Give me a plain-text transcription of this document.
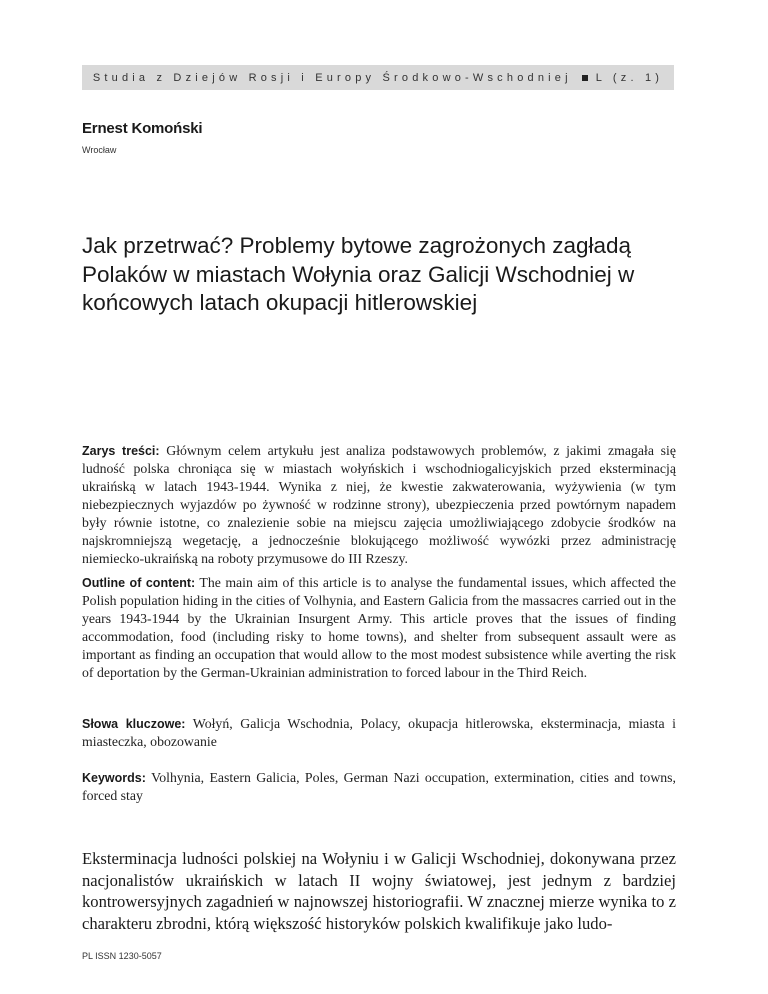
Studia z Dziejów Rosji i Europy Środkowo-Wschodniej L (z. 1)
Ernest Komoński
Wrocław
Jak przetrwać? Problemy bytowe zagrożonych zagładą Polaków w miastach Wołynia oraz Galicji Wschodniej w końcowych latach okupacji hitlerowskiej

Zarys treści: Głównym celem artykułu jest analiza podstawowych problemów, z jakimi zmagała się ludność polska chroniąca się w miastach wołyńskich i wschodniogalicyjskich przed eksterminacją ukraińską w latach 1943-1944. Wynika z niej, że kwestie zakwaterowania, wyżywienia (w tym niebezpiecznych wyjazdów po żywność w rodzinne strony), ubezpieczenia przed powtórnym napadem były równie istotne, co znalezienie sobie na miejscu zajęcia umożliwiającego zdobycie środków na najskromniejszą wegetację, a jednocześnie blokującego możliwość wywózki przez administrację niemiecko-ukraińską na roboty przymusowe do III Rzeszy.

Outline of content: The main aim of this article is to analyse the fundamental issues, which affected the Polish population hiding in the cities of Volhynia, and Eastern Galicia from the massacres carried out in the years 1943-1944 by the Ukrainian Insurgent Army. This article proves that the issues of finding accommodation, food (including risky to home towns), and shelter from subsequent assault were as important as finding an occupation that would allow to the most modest subsistence while averting the risk of deportation by the German-Ukrainian administration to forced labour in the Third Reich.

Słowa kluczowe: Wołyń, Galicja Wschodnia, Polacy, okupacja hitlerowska, eksterminacja, miasta i miasteczka, obozowanie

Keywords: Volhynia, Eastern Galicia, Poles, German Nazi occupation, extermination, cities and towns, forced stay

Eksterminacja ludności polskiej na Wołyniu i w Galicji Wschodniej, dokonywana przez nacjonalistów ukraińskich w latach II wojny światowej, jest jednym z bardziej kontrowersyjnych zagadnień w najnowszej historiografii. W znacznej mierze wynika to z charakteru zbrodni, którą większość historyków polskich kwalifikuje jako ludo-

PL ISSN 1230-5057
